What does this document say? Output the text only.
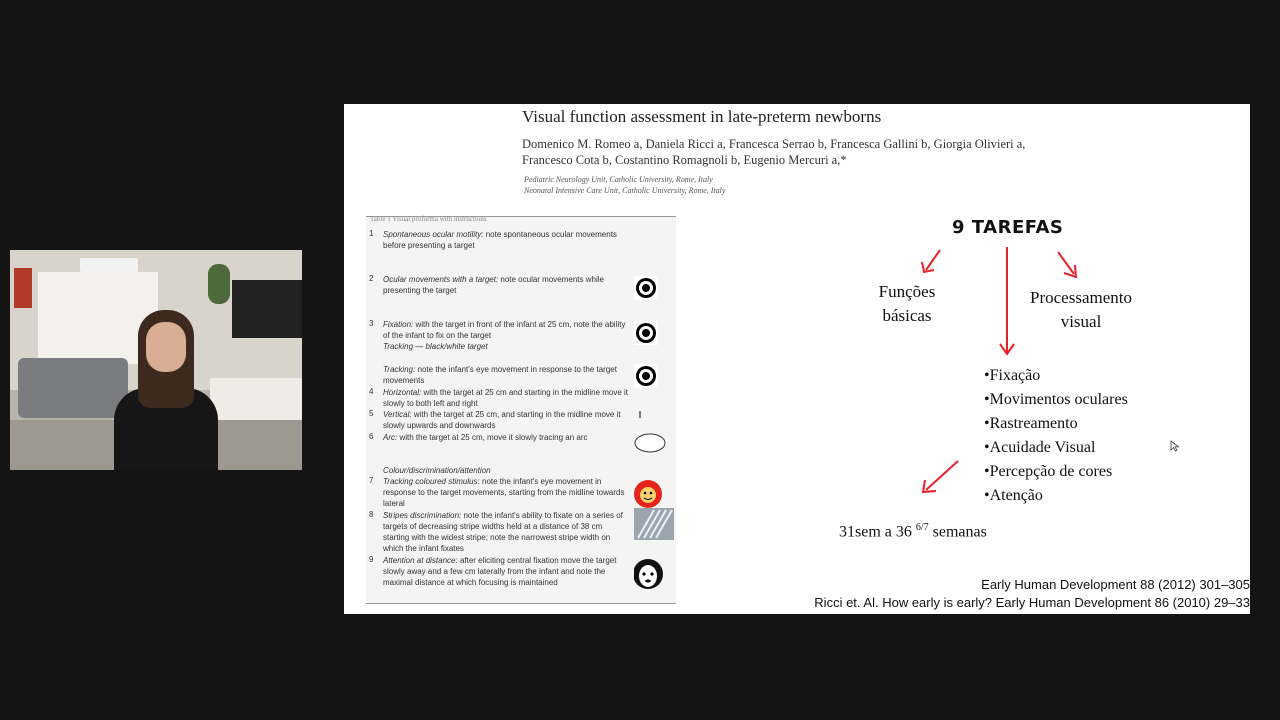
Visual function assessment in late-preterm newborns
Domenico M. Romeo a, Daniela Ricci a, Francesca Serrao b, Francesca Gallini b, Giorgia Olivieri a,
Francesco Cota b, Costantino Romagnoli b, Eugenio Mercuri a,*
Pediatric Neurology Unit, Catholic University, Rome, Italy
Neonatal Intensive Care Unit, Catholic University, Rome, Italy
Table 1 Visual proforma with instructions
1 Spontaneous ocular motility: note spontaneous ocular movements before presenting a target
2 Ocular movements with a target: note ocular movements while presenting the target
3 Fixation: with the target in front of the infant at 25 cm, note the ability of the infant to fix on the target
Tracking — black/white target
Tracking: note the infant's eye movement in response to the target movements
4 Horizontal: with the target at 25 cm and starting in the midline move it slowly to both left and right
5 Vertical: with the target at 25 cm, and starting in the midline move it slowly upwards and downwards
6 Arc: with the target at 25 cm, move it slowly tracing an arc
Colour/discrimination/attention
7 Tracking coloured stimulus: note the infant's eye movement in response to the target movements, starting from the midline towards lateral
8 Stripes discrimination: note the infant's ability to fixate on a series of targets of decreasing stripe widths held at a distance of 38 cm starting with the widest stripe; note the narrowest stripe width on which the infant fixates
9 Attention at distance: after eliciting central fixation move the target slowly away and a few cm laterally from the infant and note the maximal distance at which focusing is maintained
9 TAREFAS
Funções
básicas
Processamento
visual
•Fixação
•Movimentos oculares
•Rastreamento
•Acuidade Visual
•Percepção de cores
•Atenção
31sem a 36 $^{6/7}$ semanas
Early Human Development 88 (2012) 301–305
Ricci et. Al. How early is early? Early Human Development 86 (2010) 29–33
